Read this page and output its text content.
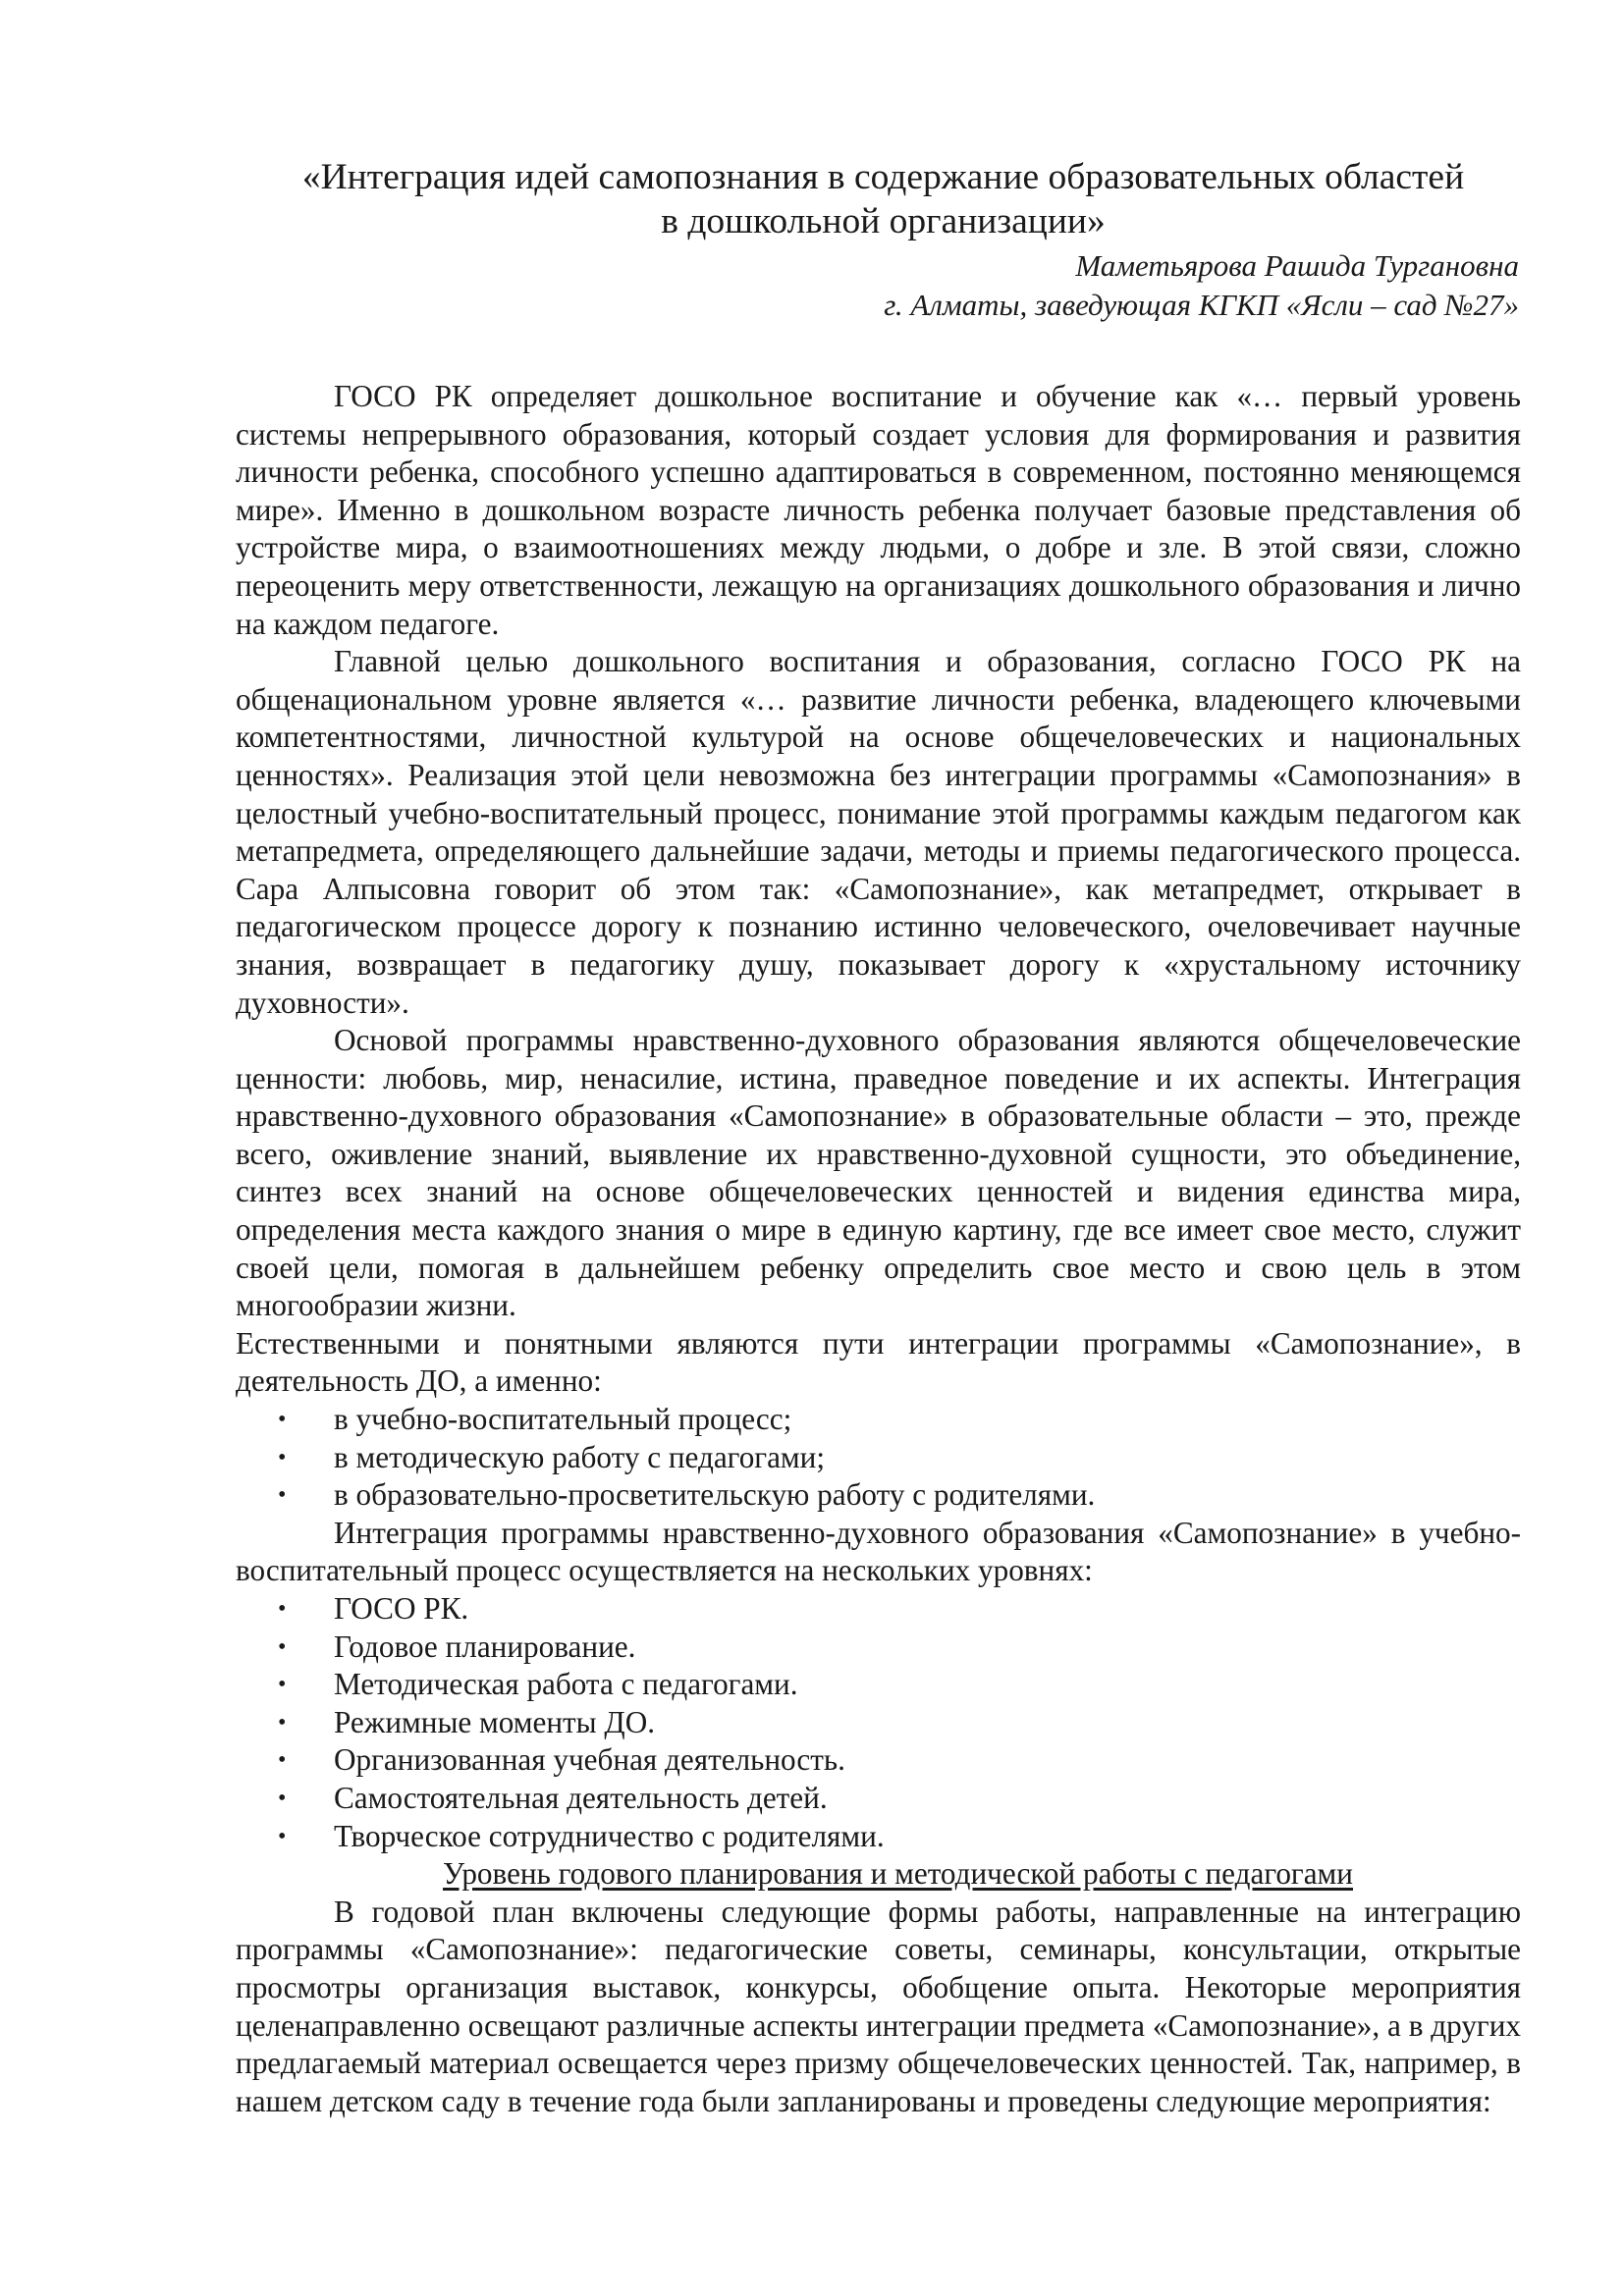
«Интеграция идей самопознания в содержание образовательных областей
в дошкольной организации»
Маметьярова Рашида Тургановна
г. Алматы, заведующая КГКП «Ясли – сад №27»

ГОСО РК определяет дошкольное воспитание и обучение как «… первый уровень системы непрерывного образования, который создает условия для формирования и развития личности ребенка, способного успешно адаптироваться в современном, постоянно меняющемся мире». Именно в дошкольном возрасте личность ребенка получает базовые представления об устройстве мира, о взаимоотношениях между людьми, о добре и зле. В этой связи, сложно переоценить меру ответственности, лежащую на организациях дошкольного образования и лично на каждом педагоге.

Главной целью дошкольного воспитания и образования, согласно ГОСО РК на общенациональном уровне является «… развитие личности ребенка, владеющего ключевыми компетентностями, личностной культурой на основе общечеловеческих и национальных ценностях». Реализация этой цели невозможна без интеграции программы «Самопознания» в целостный учебно-воспитательный процесс, понимание этой программы каждым педагогом как метапредмета, определяющего дальнейшие задачи, методы и приемы педагогического процесса. Сара Алпысовна говорит об этом так: «Самопознание», как метапредмет, открывает в педагогическом процессе дорогу к познанию истинно человеческого, очеловечивает научные знания, возвращает в педагогику душу, показывает дорогу к «хрустальному источнику духовности».

Основой программы нравственно-духовного образования являются общечеловеческие ценности: любовь, мир, ненасилие, истина, праведное поведение и их аспекты. Интеграция нравственно-духовного образования «Самопознание» в образовательные области – это, прежде всего, оживление знаний, выявление их нравственно-духовной сущности, это объединение, синтез всех знаний на основе общечеловеческих ценностей и видения единства мира, определения места каждого знания о мире в единую картину, где все имеет свое место, служит своей цели, помогая в дальнейшем ребенку определить свое место и свою цель в этом многообразии жизни.

Естественными и понятными являются пути интеграции программы «Самопознание», в деятельность ДО, а именно:

• в учебно-воспитательный процесс;
• в методическую работу с педагогами;
• в образовательно-просветительскую работу с родителями.

Интеграция программы нравственно-духовного образования «Самопознание» в учебно-воспитательный процесс осуществляется на нескольких уровнях:

• ГОСО РК.
• Годовое планирование.
• Методическая работа с педагогами.
• Режимные моменты ДО.
• Организованная учебная деятельность.
• Самостоятельная деятельность детей.
• Творческое сотрудничество с родителями.

Уровень годового планирования и методической работы с педагогами

В годовой план включены следующие формы работы, направленные на интеграцию программы «Самопознание»: педагогические советы, семинары, консультации, открытые просмотры организация выставок, конкурсы, обобщение опыта. Некоторые мероприятия целенаправленно освещают различные аспекты интеграции предмета «Самопознание», а в других предлагаемый материал освещается через призму общечеловеческих ценностей. Так, например, в нашем детском саду в течение года были запланированы и проведены следующие мероприятия:
